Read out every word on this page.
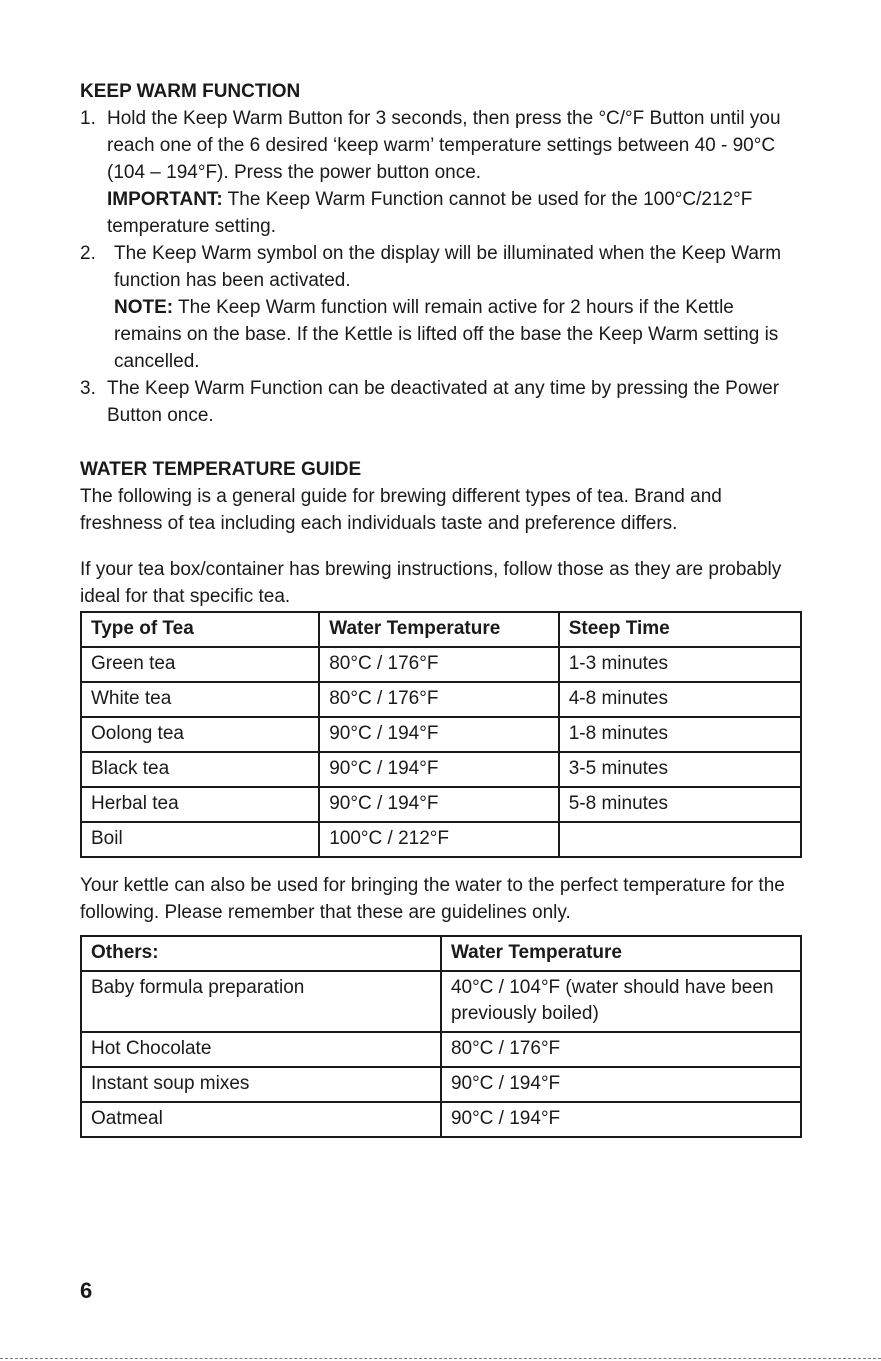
KEEP WARM FUNCTION
1. Hold the Keep Warm Button for 3 seconds, then press the °C/°F Button until you reach one of the 6 desired ‘keep warm’ temperature settings between 40 - 90°C (104 – 194°F). Press the power button once.
IMPORTANT: The Keep Warm Function cannot be used for the 100°C/212°F temperature setting.
2. The Keep Warm symbol on the display will be illuminated when the Keep Warm function has been activated.
NOTE: The Keep Warm function will remain active for 2 hours if the Kettle remains on the base. If the Kettle is lifted off the base the Keep Warm setting is cancelled.
3. The Keep Warm Function can be deactivated at any time by pressing the Power Button once.
WATER TEMPERATURE GUIDE

The following is a general guide for brewing different types of tea. Brand and freshness of tea including each individuals taste and preference differs.

If your tea box/container has brewing instructions, follow those as they are probably ideal for that specific tea.

Type of Tea	Water Temperature	Steep Time
Green tea	80°C / 176°F	1-3 minutes
White tea	80°C / 176°F	4-8 minutes
Oolong tea	90°C / 194°F	1-8 minutes
Black tea	90°C / 194°F	3-5 minutes
Herbal tea	90°C / 194°F	5-8 minutes
Boil	100°C / 212°F	

Your kettle can also be used for bringing the water to the perfect temperature for the following. Please remember that these are guidelines only.

Others:	Water Temperature
Baby formula preparation	40°C / 104°F (water should have been previously boiled)
Hot Chocolate	80°C / 176°F
Instant soup mixes	90°C / 194°F
Oatmeal	90°C / 194°F
6
